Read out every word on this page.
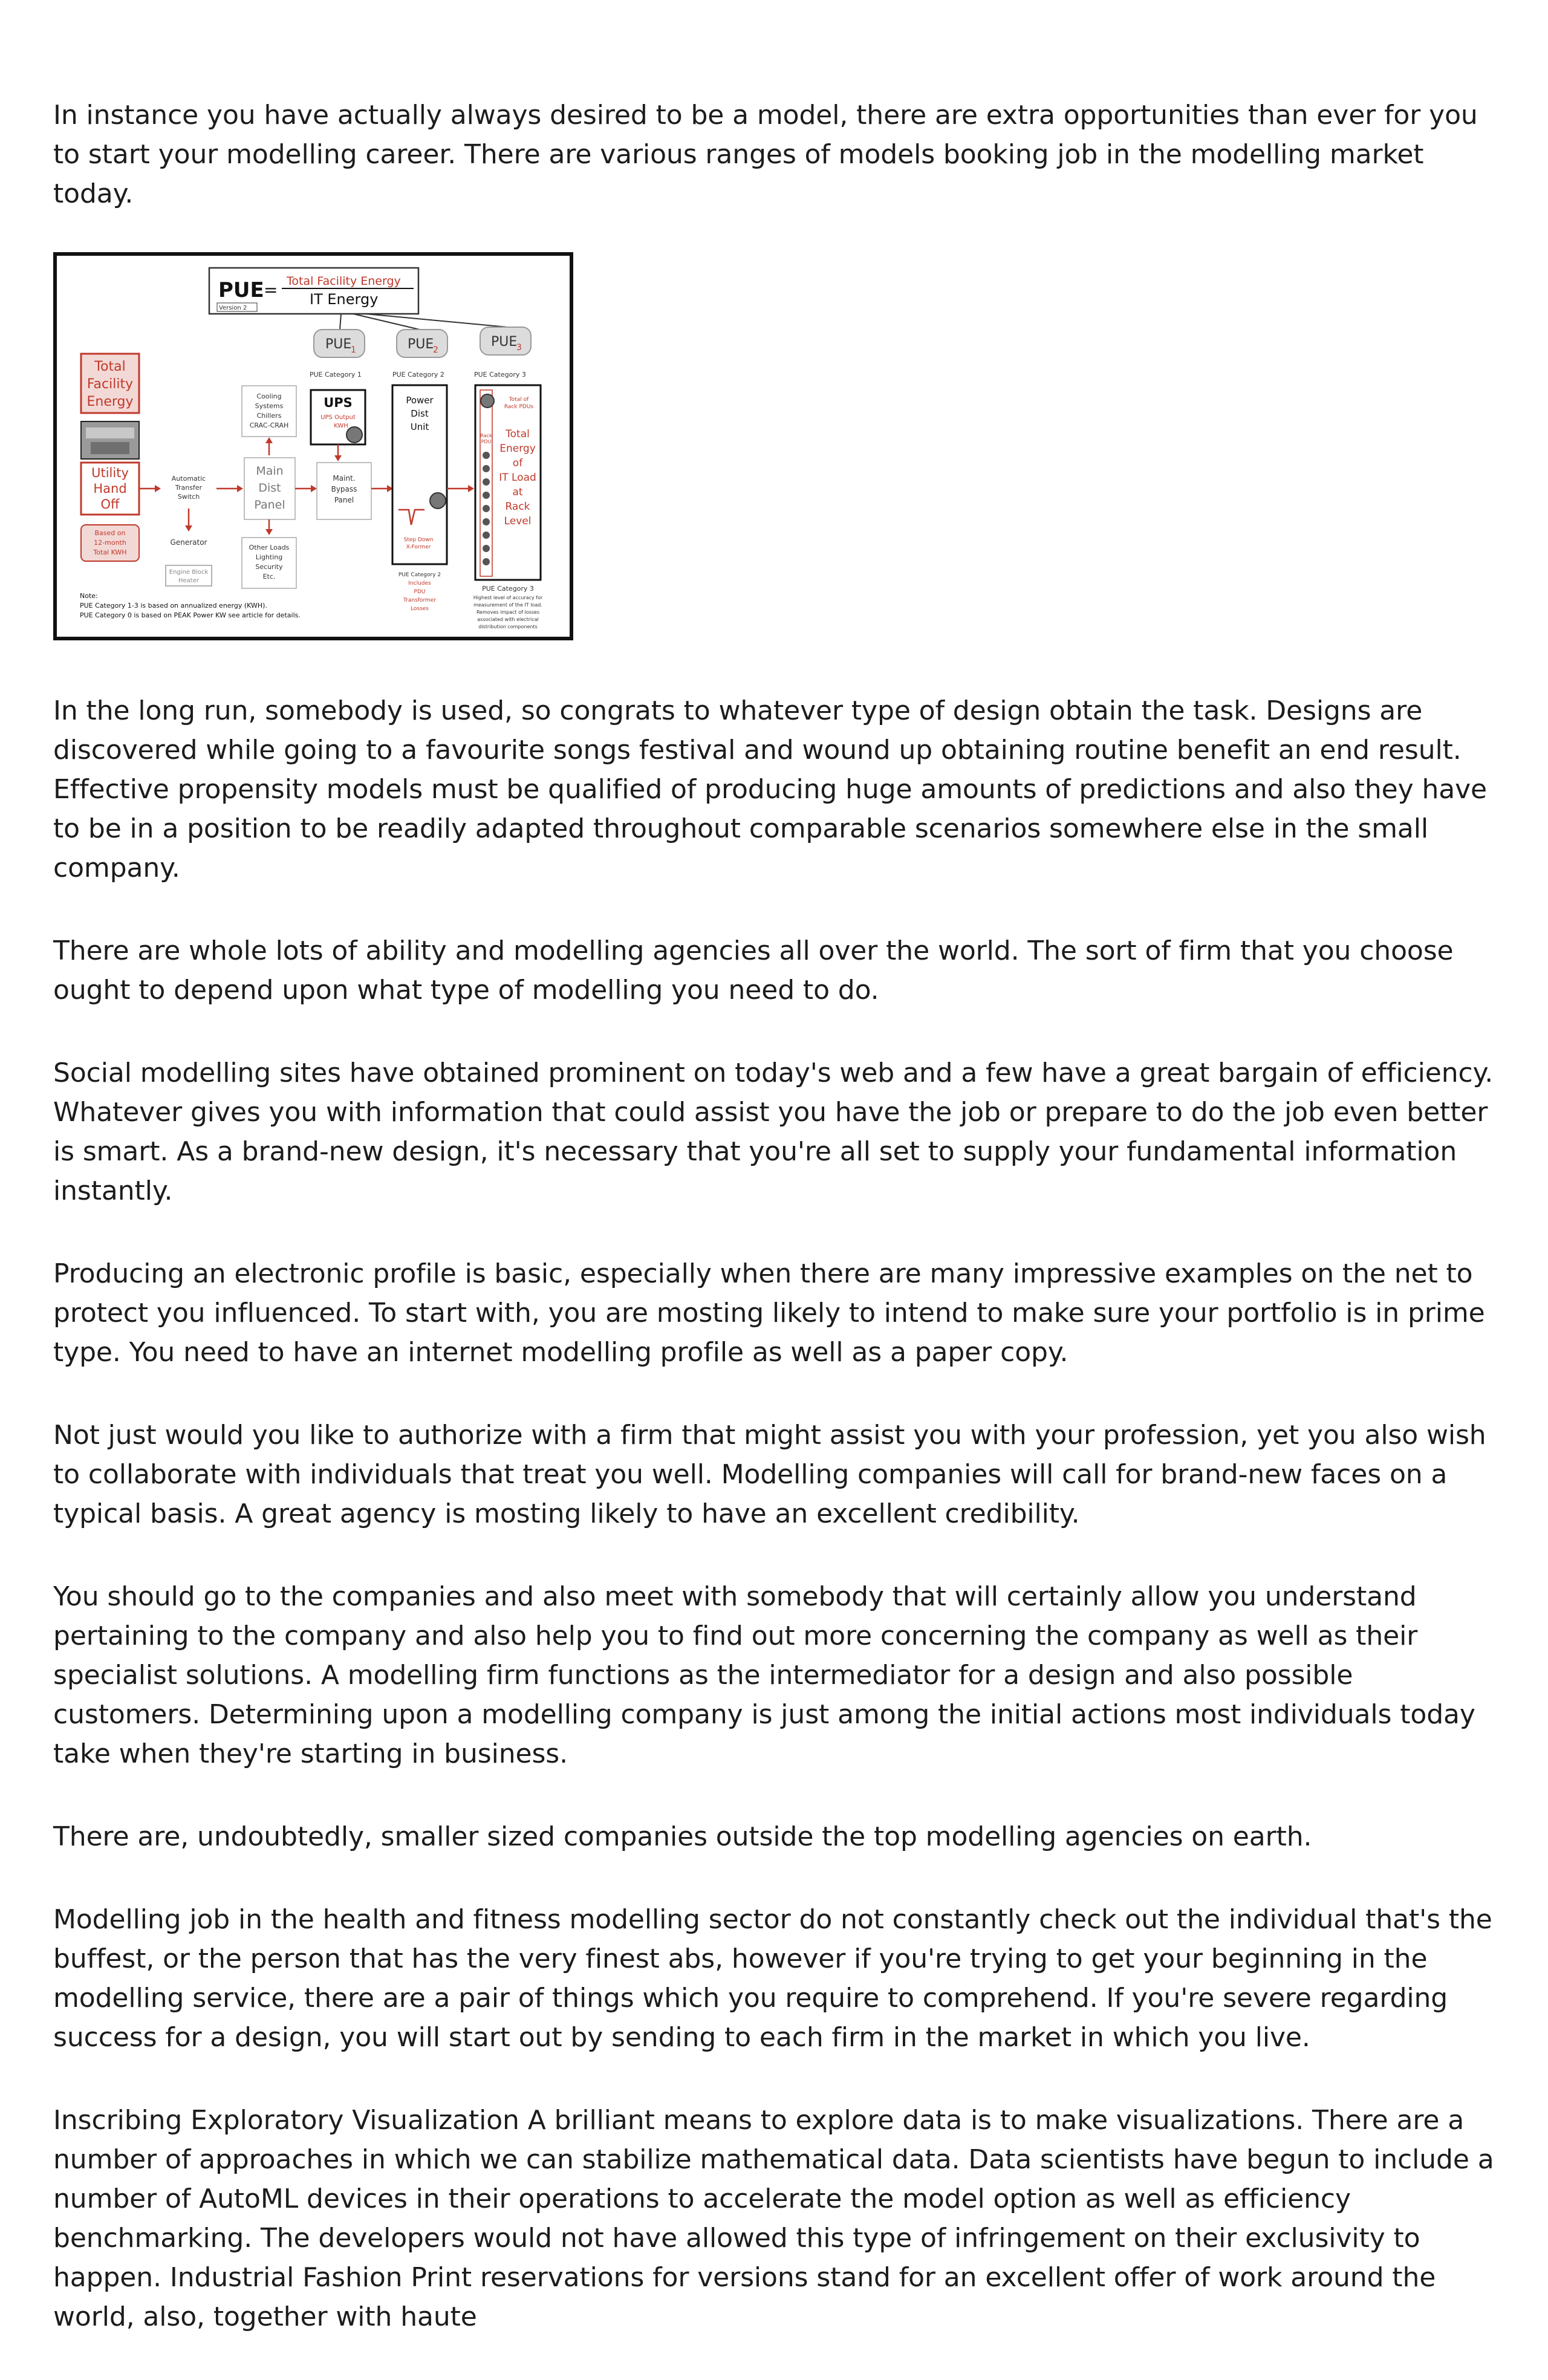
In instance you have actually always desired to be a model, there are extra opportunities than ever for you to start your modelling career. There are various ranges of models booking job in the modelling market today.

PUE = Total Facility Energy
IT Energy
Version 2
PUE
1	PUE
2
PUE
3
PUE Category 1	PUE Category 2	PUE Category 3
Total
Facility
Energy
Utility
Hand
Off
Based on
12-month
Total KWH
Automatic
Transfer
Switch
Generator
Engine Block
Heater
Cooling
Systems
Chillers
CRAC-CRAH
Main
Dist
Panel
Other Loads
Lighting
Security
Etc.
UPS
UPS Output
KWH
Maint.
Bypass
Panel
Power
Dist
Unit
Step Down
X-Former
PUE Category 2
Includes
PDU
Transformer
Losses
Total of
Rack PDUs
Rack
PDU
Total
Energy
of
IT Load
at
Rack
Level
PUE Category 3
Highest level of accuracy for
measurement of the IT load.
Removes impact of losses
associated with electrical
distribution components
Note:
PUE Category 1-3 is based on annualized energy (KWH).
PUE Category 0 is based on PEAK Power KW see article for details.

In the long run, somebody is used, so congrats to whatever type of design obtain the task. Designs are discovered while going to a favourite songs festival and wound up obtaining routine benefit an end result. Effective propensity models must be qualified of producing huge amounts of predictions and also they have to be in a position to be readily adapted throughout comparable scenarios somewhere else in the small company.

There are whole lots of ability and modelling agencies all over the world. The sort of firm that you choose ought to depend upon what type of modelling you need to do.

Social modelling sites have obtained prominent on today's web and a few have a great bargain of efficiency. Whatever gives you with information that could assist you have the job or prepare to do the job even better is smart. As a brand-new design, it's necessary that you're all set to supply your fundamental information instantly.

Producing an electronic profile is basic, especially when there are many impressive examples on the net to protect you influenced. To start with, you are mosting likely to intend to make sure your portfolio is in prime type. You need to have an internet modelling profile as well as a paper copy.

Not just would you like to authorize with a firm that might assist you with your profession, yet you also wish to collaborate with individuals that treat you well. Modelling companies will call for brand-new faces on a typical basis. A great agency is mosting likely to have an excellent credibility.

You should go to the companies and also meet with somebody that will certainly allow you understand pertaining to the company and also help you to find out more concerning the company as well as their specialist solutions. A modelling firm functions as the intermediator for a design and also possible customers. Determining upon a modelling company is just among the initial actions most individuals today take when they're starting in business.

There are, undoubtedly, smaller sized companies outside the top modelling agencies on earth.

Modelling job in the health and fitness modelling sector do not constantly check out the individual that's the buffest, or the person that has the very finest abs, however if you're trying to get your beginning in the modelling service, there are a pair of things which you require to comprehend. If you're severe regarding success for a design, you will start out by sending to each firm in the market in which you live.

Inscribing Exploratory Visualization A brilliant means to explore data is to make visualizations. There are a number of approaches in which we can stabilize mathematical data. Data scientists have begun to include a number of AutoML devices in their operations to accelerate the model option as well as efficiency benchmarking. The developers would not have allowed this type of infringement on their exclusivity to happen. Industrial Fashion Print reservations for versions stand for an excellent offer of work around the world, also, together with haute
